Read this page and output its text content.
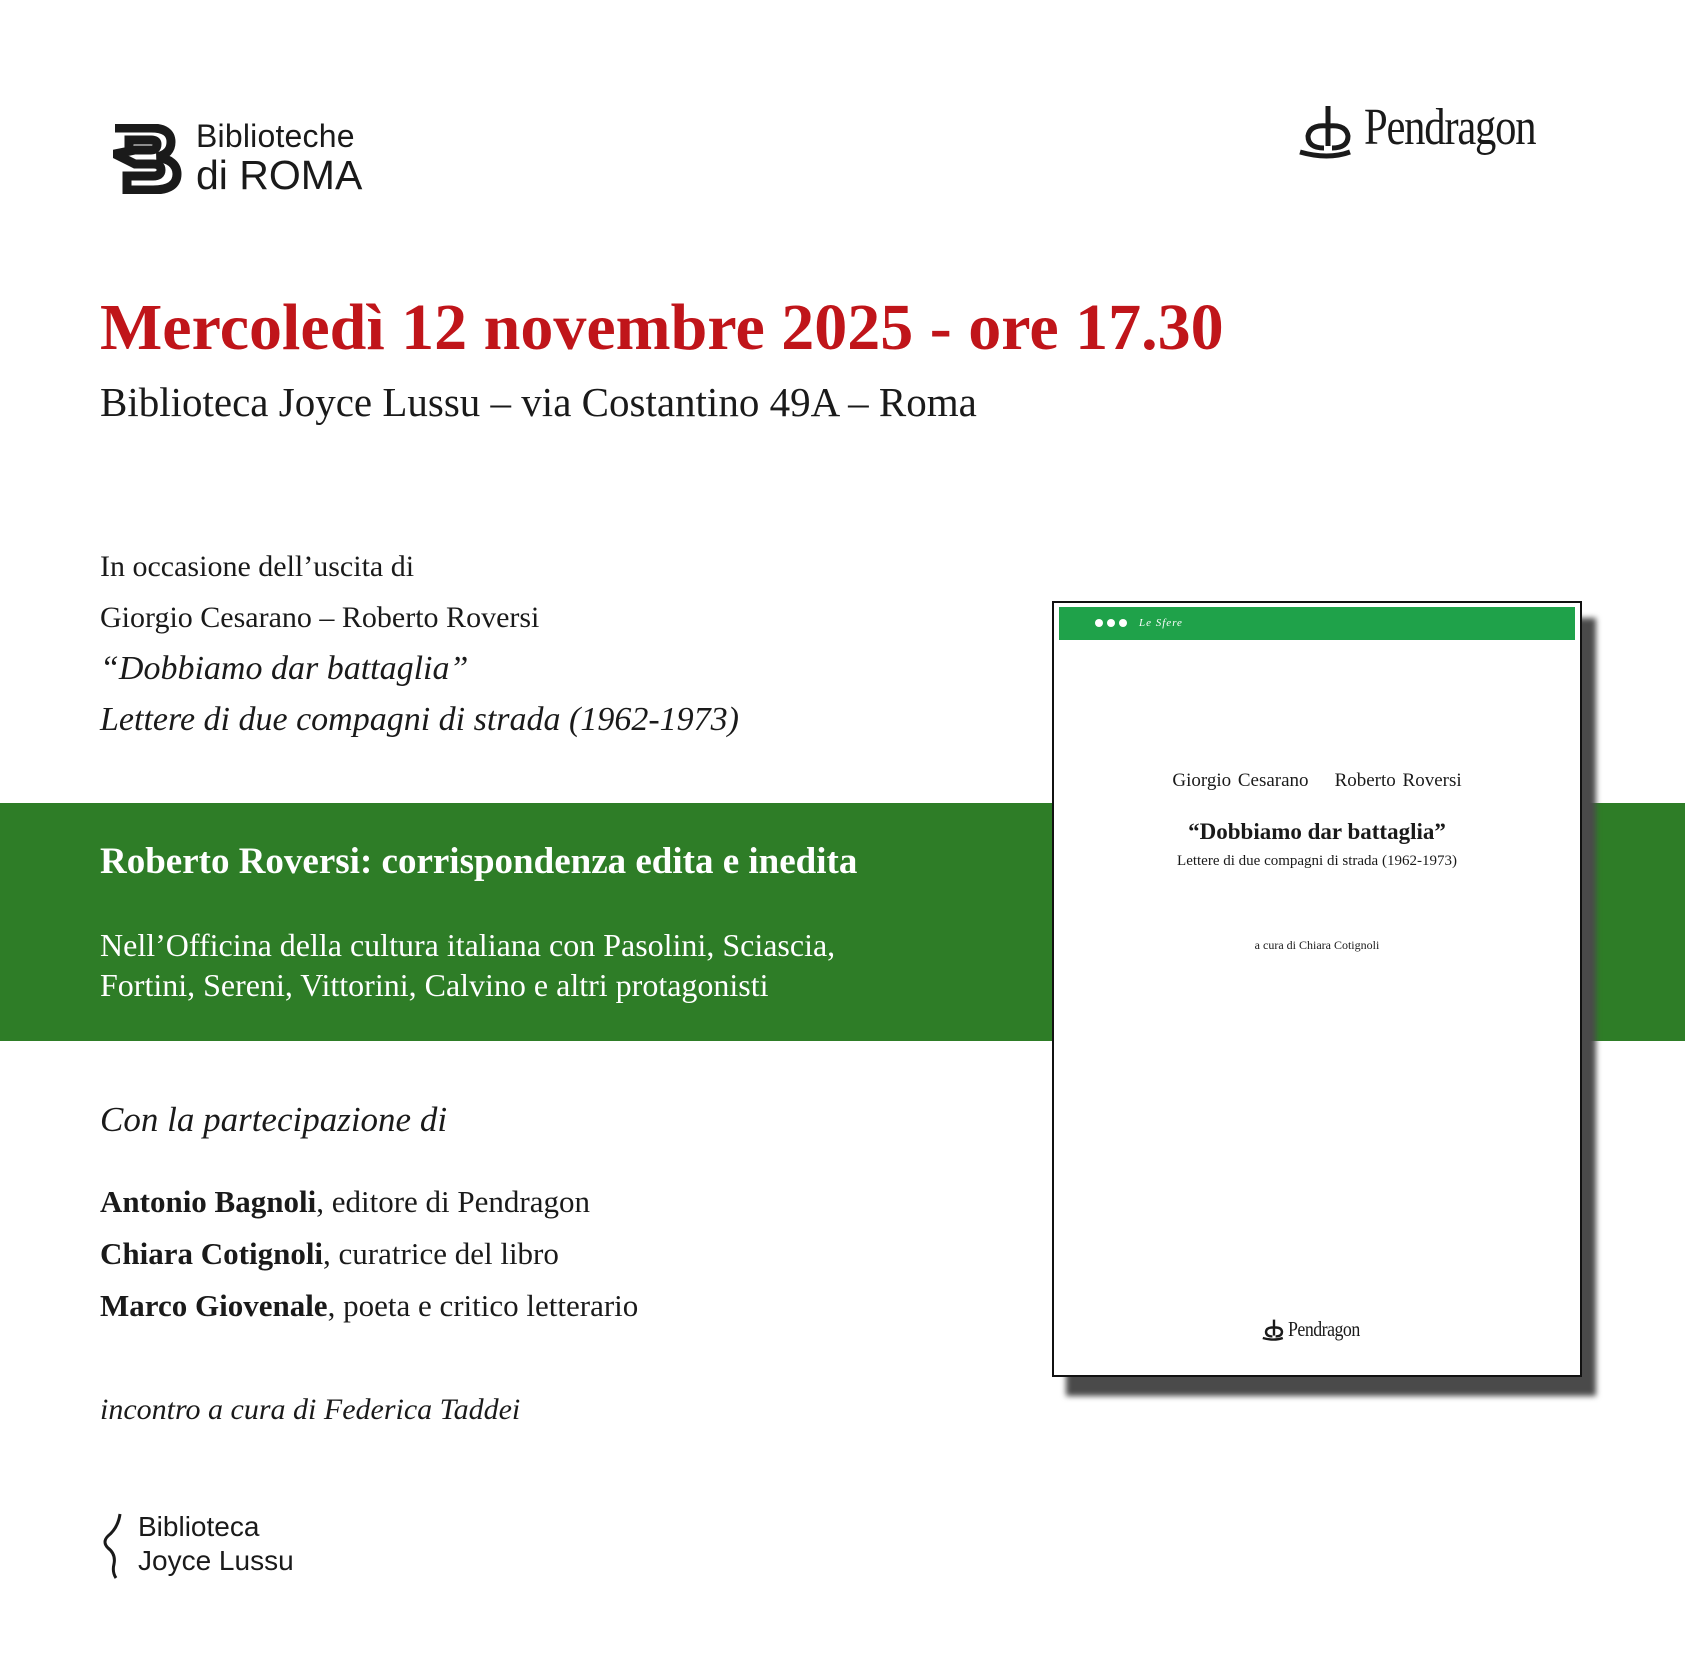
Biblioteche
di ROMA
Pendragon
Mercoledì 12 novembre 2025 - ore 17.30
Biblioteca Joyce Lussu – via Costantino 49A – Roma
In occasione dell’uscita di
Giorgio Cesarano – Roberto Roversi
“Dobbiamo dar battaglia”
Lettere di due compagni di strada (1962-1973)
Roberto Roversi: corrispondenza edita e inedita
Nell’Officina della cultura italiana con Pasolini, Sciascia,
Fortini, Sereni, Vittorini, Calvino e altri protagonisti
Con la partecipazione di
Antonio Bagnoli, editore di Pendragon
Chiara Cotignoli, curatrice del libro
Marco Giovenale, poeta e critico letterario
incontro a cura di Federica Taddei
Biblioteca
Joyce Lussu
Le Sfere
Giorgio Cesarano Roberto Roversi
“Dobbiamo dar battaglia”
Lettere di due compagni di strada (1962-1973)
a cura di Chiara Cotignoli
Pendragon
